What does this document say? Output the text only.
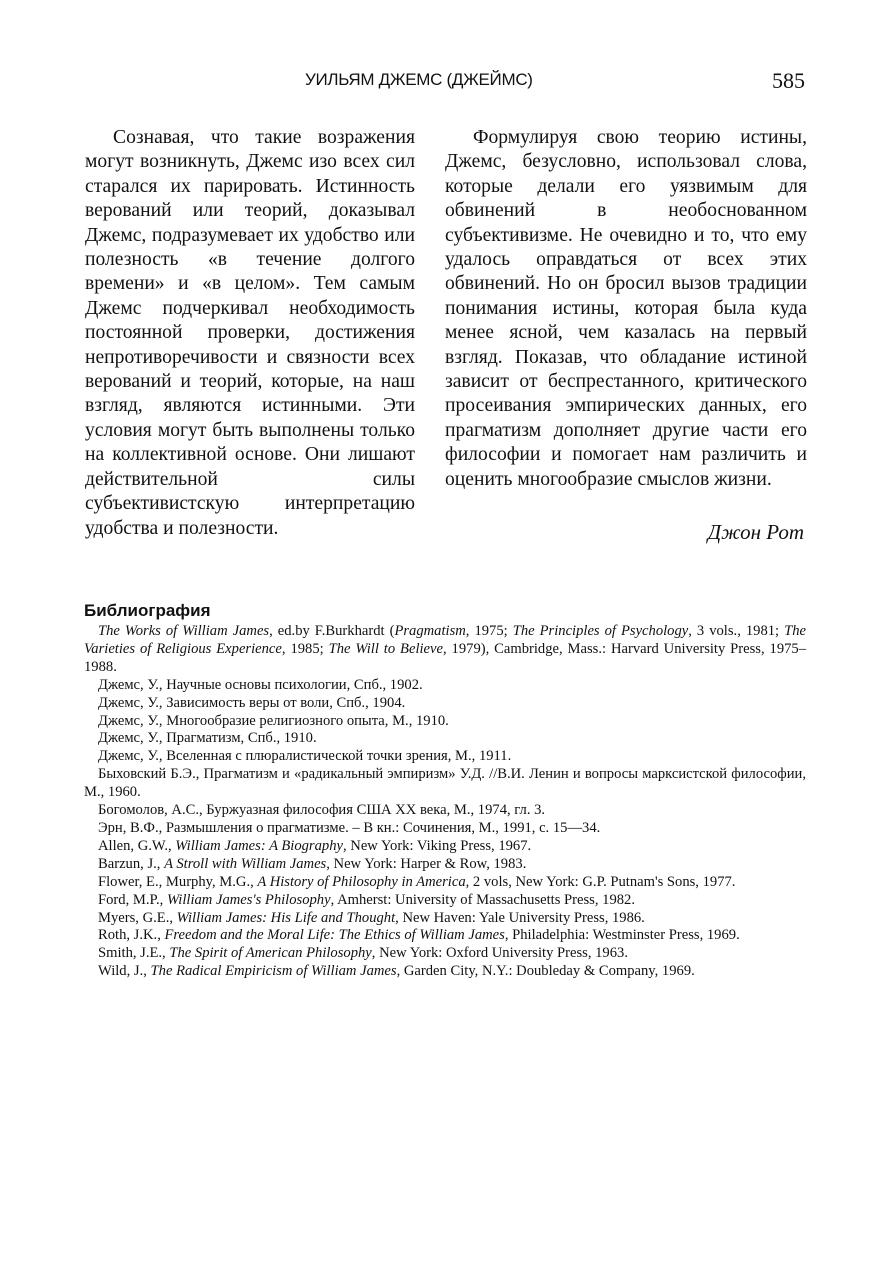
УИЛЬЯМ ДЖЕМС (ДЖЕЙМС)	585

Сознавая, что такие возражения могут возникнуть, Джемс изо всех сил старался их парировать. Истинность верований или теорий, доказывал Джемс, подразумевает их удобство или полезность «в течение долгого времени» и «в целом». Тем самым Джемс подчеркивал необходимость постоянной проверки, достижения непротиворечивости и связности всех верований и теорий, которые, на наш взгляд, являются истинными. Эти условия могут быть выполнены только на коллективной основе. Они лишают действительной силы субъективистскую интерпретацию удобства и полезности.

Формулируя свою теорию истины, Джемс, безусловно, использовал слова, которые делали его уязвимым для обвинений в необоснованном субъективизме. Не очевидно и то, что ему удалось оправдаться от всех этих обвинений. Но он бросил вызов традиции понимания истины, которая была куда менее ясной, чем казалась на первый взгляд. Показав, что обладание истиной зависит от беспрестанного, критического просеивания эмпирических данных, его прагматизм дополняет другие части его философии и помогает нам различить и оценить многообразие смыслов жизни.

Джон Рот
Библиография
The Works of William James, ed.by F.Burkhardt (Pragmatism, 1975; The Principles of Psychology, 3 vols., 1981; The Varieties of Religious Experience, 1985; The Will to Believe, 1979), Cambridge, Mass.: Harvard University Press, 1975–1988.
Джемс, У., Научные основы психологии, Спб., 1902.
Джемс, У., Зависимость веры от воли, Спб., 1904.
Джемс, У., Многообразие религиозного опыта, М., 1910.
Джемс, У., Прагматизм, Спб., 1910.
Джемс, У., Вселенная с плюралистической точки зрения, М., 1911.
Быховский Б.Э., Прагматизм и «радикальный эмпиризм» У.Д. //В.И. Ленин и вопросы марксистской философии, М., 1960.
Богомолов, А.С., Буржуазная философия США XX века, М., 1974, гл. 3.
Эрн, В.Ф., Размышления о прагматизме. – В кн.: Сочинения, М., 1991, с. 15—34.
Allen, G.W., William James: A Biography, New York: Viking Press, 1967.
Barzun, J., A Stroll with William James, New York: Harper & Row, 1983.
Flower, E., Murphy, M.G., A History of Philosophy in America, 2 vols, New York: G.P. Putnam's Sons, 1977.
Ford, M.P., William James's Philosophy, Amherst: University of Massachusetts Press, 1982.
Myers, G.E., William James: His Life and Thought, New Haven: Yale University Press, 1986.
Roth, J.K., Freedom and the Moral Life: The Ethics of William James, Philadelphia: Westminster Press, 1969.
Smith, J.E., The Spirit of American Philosophy, New York: Oxford University Press, 1963.
Wild, J., The Radical Empiricism of William James, Garden City, N.Y.: Doubleday & Company, 1969.
